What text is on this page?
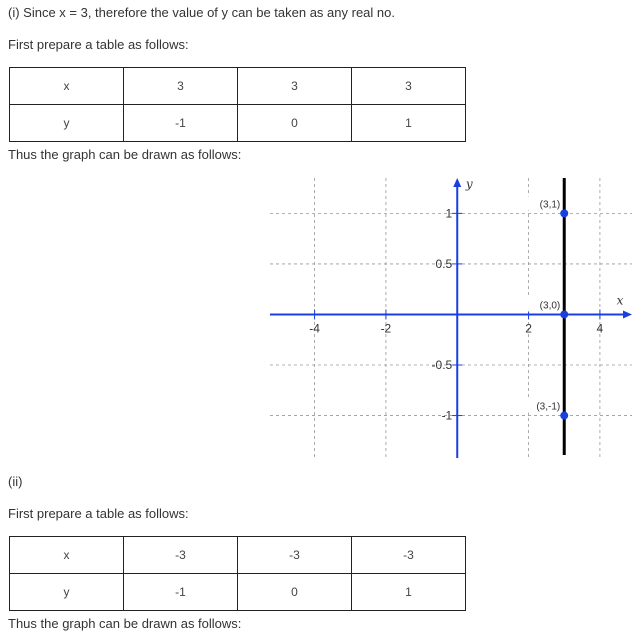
(i) Since x = 3, therefore the value of y can be taken as any real no.
First prepare a table as follows:
x	3	3	3
y	-1	0	1
Thus the graph can be drawn as follows:
x
y
-4	-2	2	4
-1
-0.5
0.5
1
(3,1)
(3,0)
(3,-1)
(ii)
First prepare a table as follows:
x	-3	-3	-3
y	-1	0	1
Thus the graph can be drawn as follows:
